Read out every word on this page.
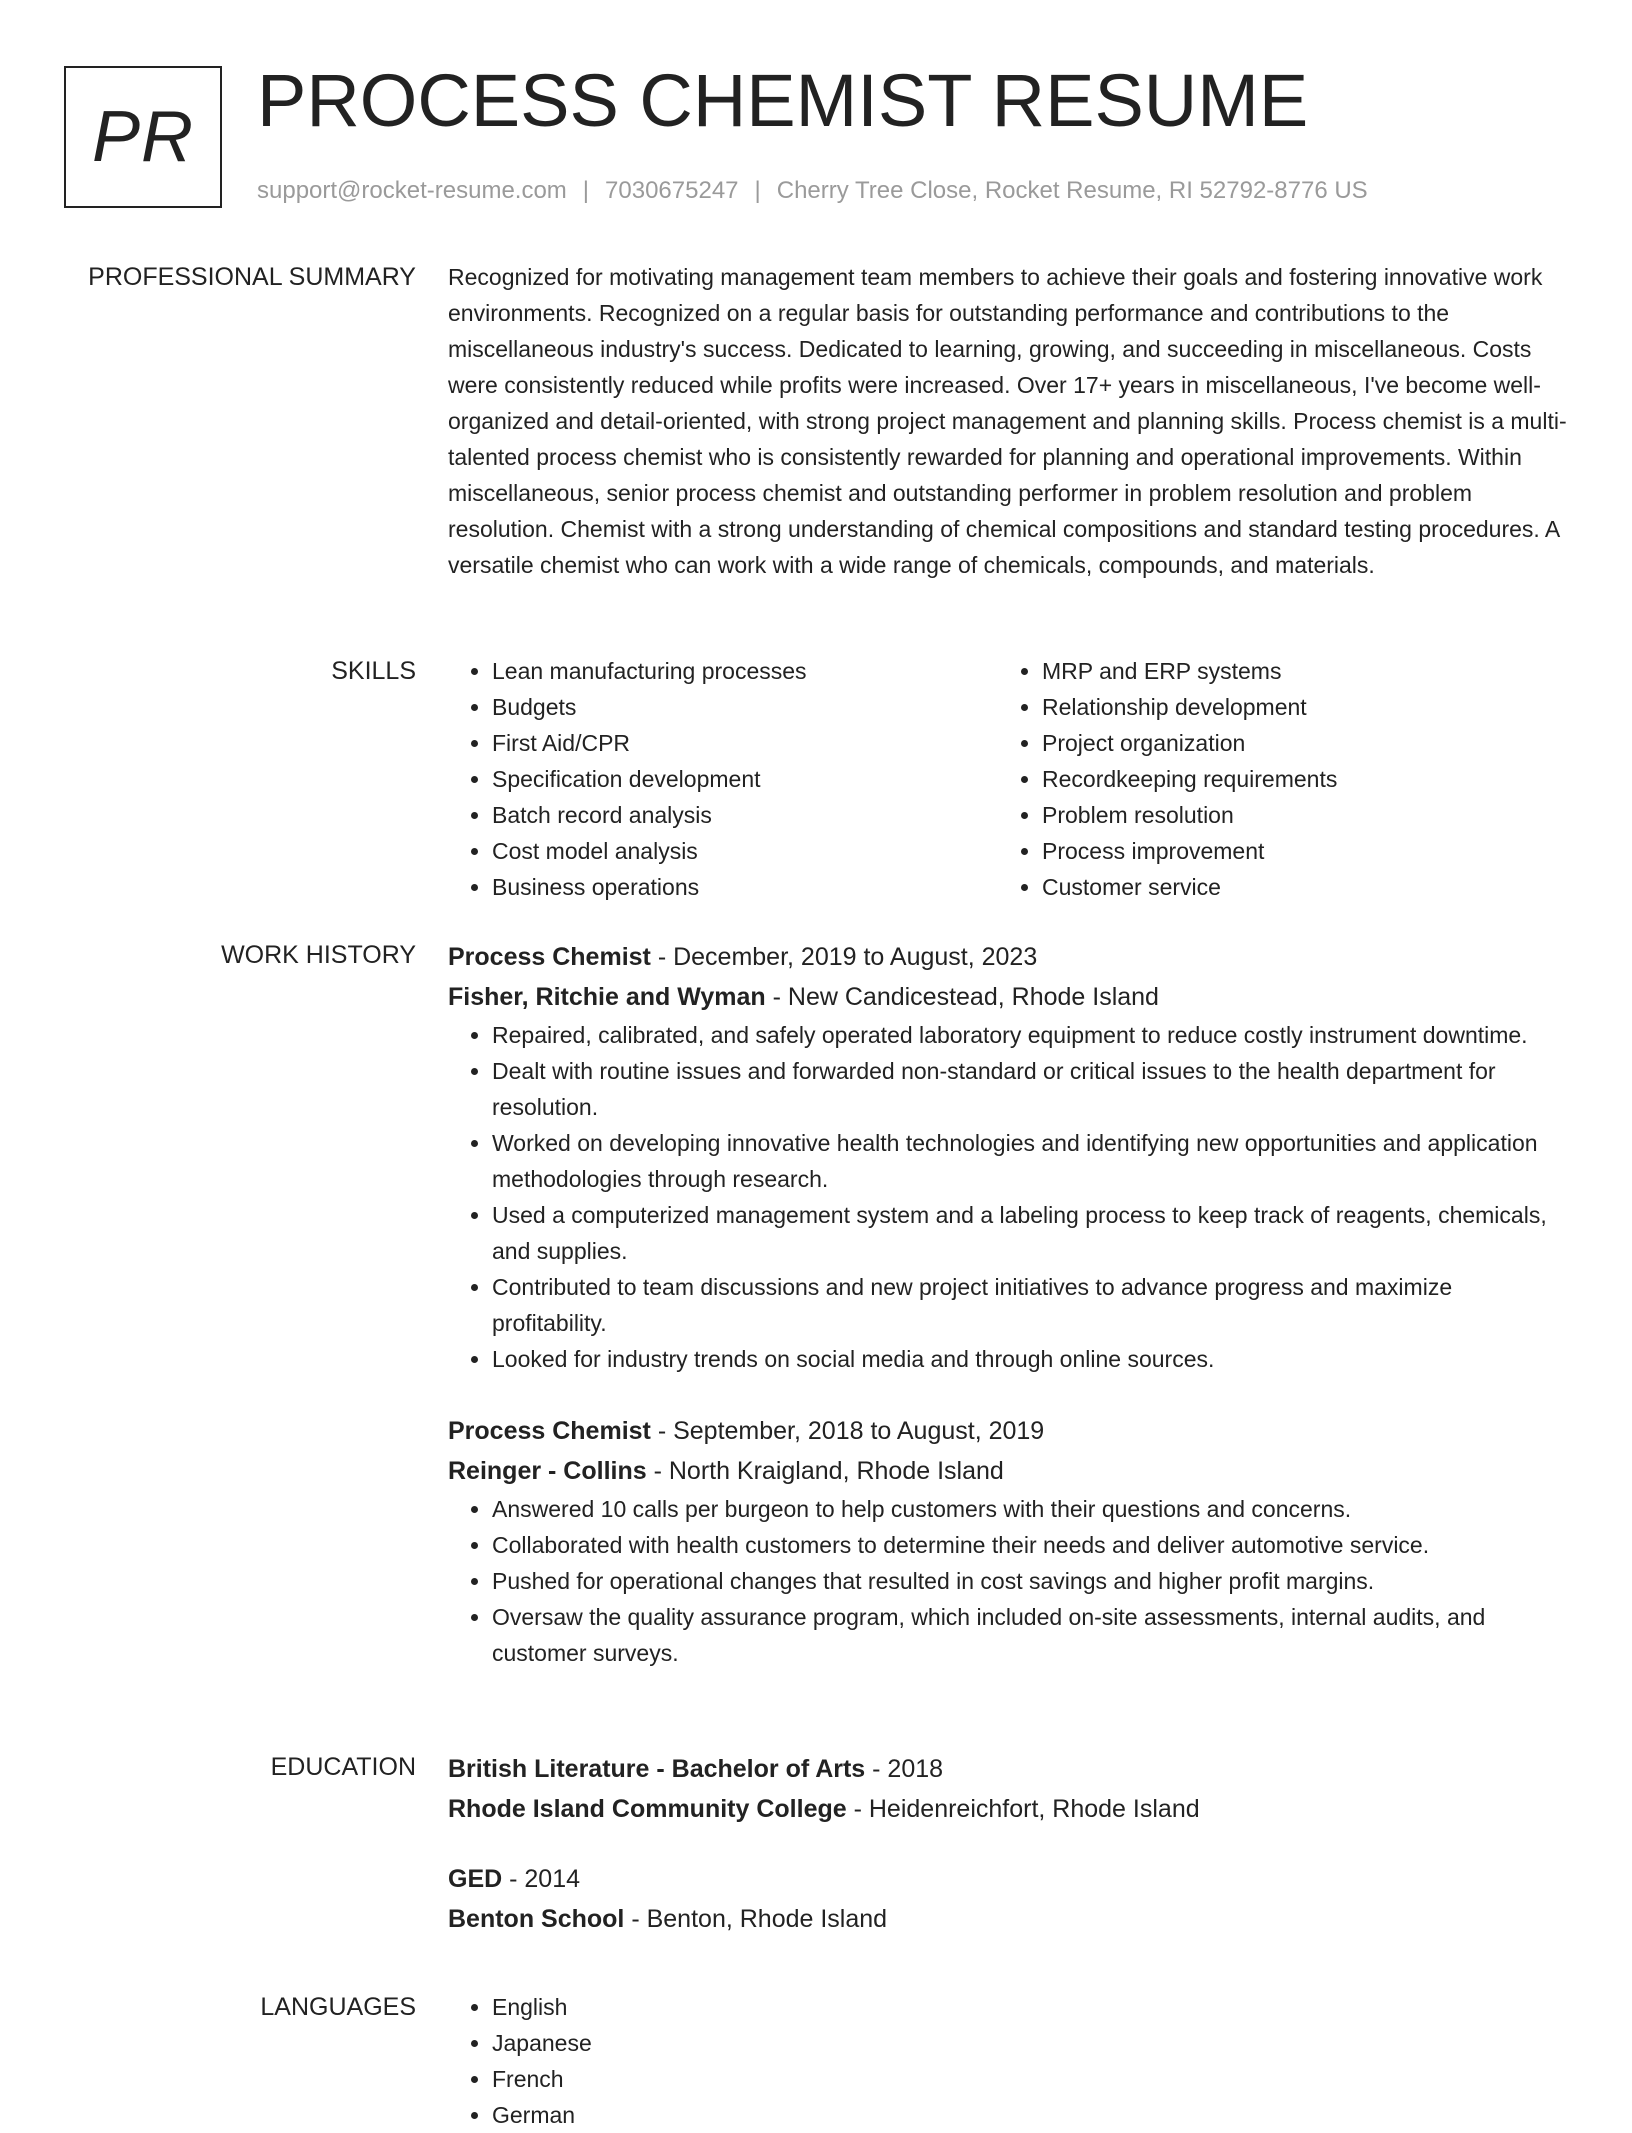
PR PROCESS CHEMIST RESUME
support@rocket-resume.com | 7030675247 | Cherry Tree Close, Rocket Resume, RI 52792-8776 US
PROFESSIONAL SUMMARY Recognized for motivating management team members to achieve their goals and fostering innovative work environments. Recognized on a regular basis for outstanding performance and contributions to the miscellaneous industry's success. Dedicated to learning, growing, and succeeding in miscellaneous. Costs were consistently reduced while profits were increased. Over 17+ years in miscellaneous, I've become well-organized and detail-oriented, with strong project management and planning skills. Process chemist is a multi-talented process chemist who is consistently rewarded for planning and operational improvements. Within miscellaneous, senior process chemist and outstanding performer in problem resolution and problem resolution. Chemist with a strong understanding of chemical compositions and standard testing procedures. A versatile chemist who can work with a wide range of chemicals, compounds, and materials.

SKILLS	• Lean manufacturing processes
• Budgets
• First Aid/CPR
• Specification development
• Batch record analysis
• Cost model analysis
• Business operations
• MRP and ERP systems
• Relationship development
• Project organization
• Recordkeeping requirements
• Problem resolution
• Process improvement
• Customer service
WORK HISTORY Process Chemist - December, 2019 to August, 2023
Fisher, Ritchie and Wyman - New Candicestead, Rhode Island
• Repaired, calibrated, and safely operated laboratory equipment to reduce costly instrument downtime.
• Dealt with routine issues and forwarded non-standard or critical issues to the health department for resolution.
• Worked on developing innovative health technologies and identifying new opportunities and application methodologies through research.
• Used a computerized management system and a labeling process to keep track of reagents, chemicals, and supplies.
• Contributed to team discussions and new project initiatives to advance progress and maximize profitability.
• Looked for industry trends on social media and through online sources.
Process Chemist - September, 2018 to August, 2019
Reinger - Collins - North Kraigland, Rhode Island
• Answered 10 calls per burgeon to help customers with their questions and concerns.
• Collaborated with health customers to determine their needs and deliver automotive service.
• Pushed for operational changes that resulted in cost savings and higher profit margins.
• Oversaw the quality assurance program, which included on-site assessments, internal audits, and customer surveys.
EDUCATION British Literature - Bachelor of Arts - 2018
Rhode Island Community College - Heidenreichfort, Rhode Island
GED - 2014
Benton School - Benton, Rhode Island
LANGUAGES	• English
• Japanese
• French
• German
